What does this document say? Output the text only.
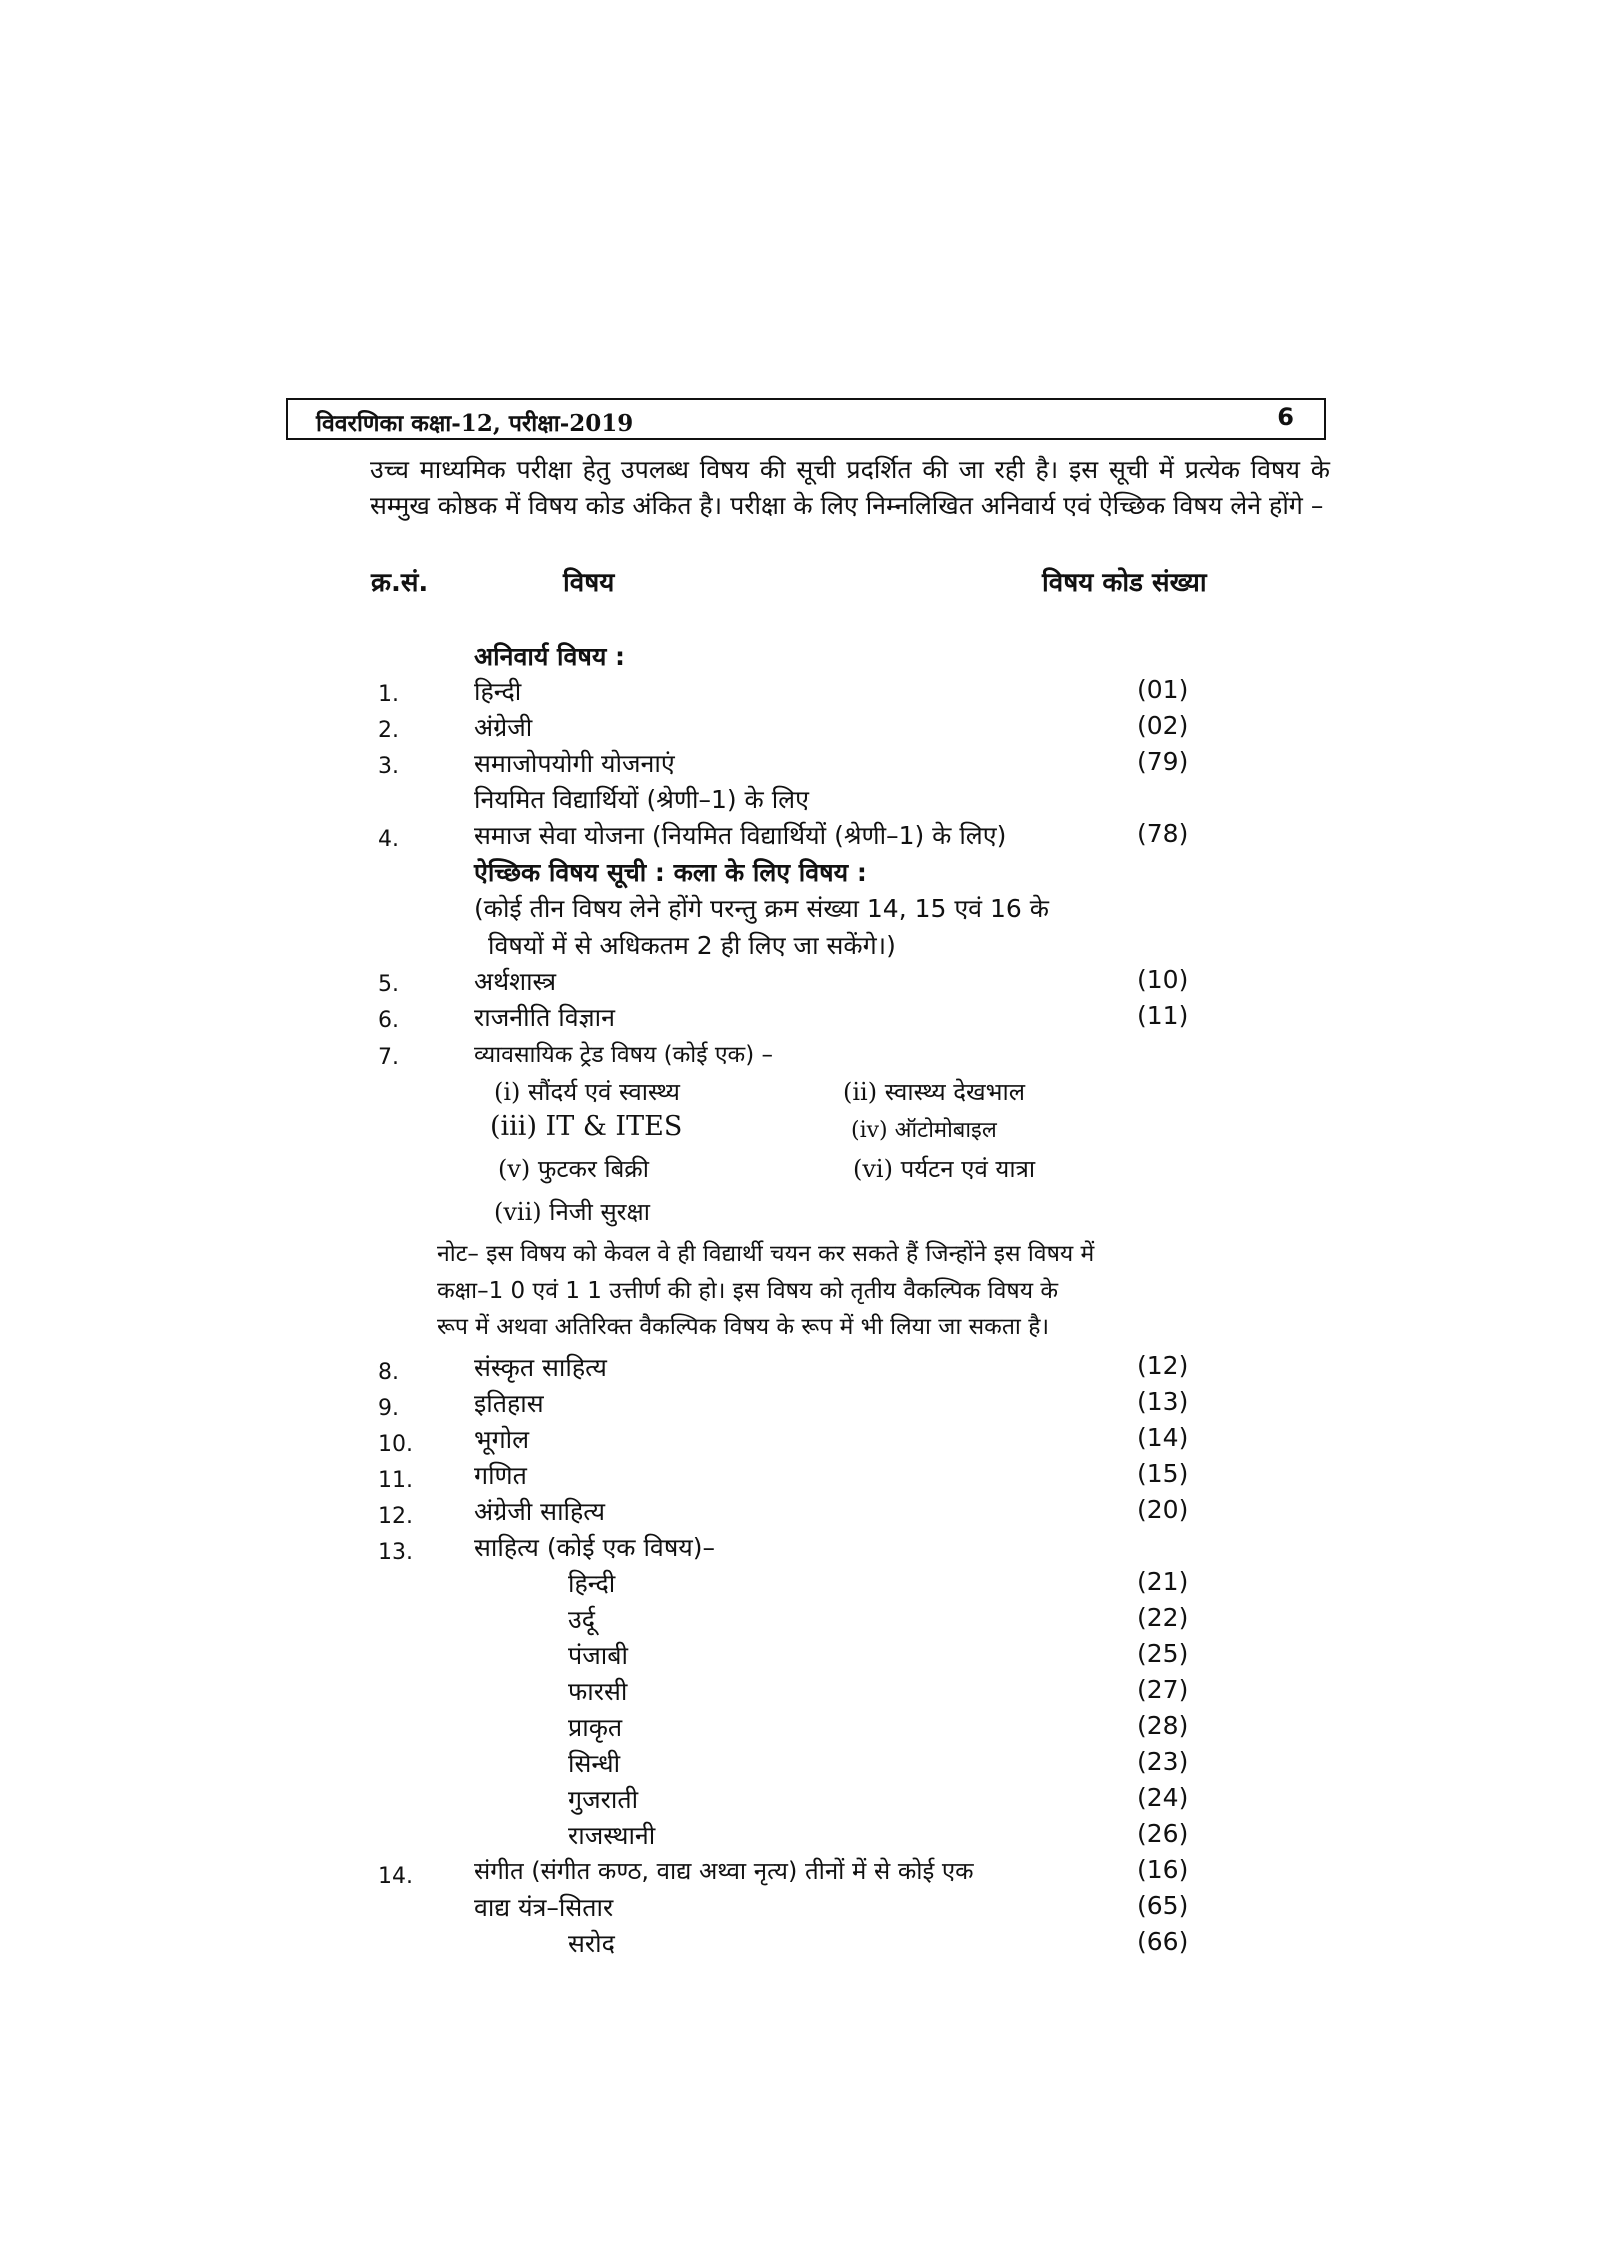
विवरणिका कक्षा-12, परीक्षा-2019	6
उच्च माध्यमिक परीक्षा हेतु उपलब्ध विषय की सूची प्रदर्शित की जा रही है। इस सूची में प्रत्येक विषय के सम्मुख कोष्ठक में विषय कोड अंकित है। परीक्षा के लिए निम्नलिखित अनिवार्य एवं ऐच्छिक विषय लेने होंगे –
क्र.सं.	विषय	विषय कोड संख्या
अनिवार्य विषय :
1.	हिन्दी	(01)
2.	अंग्रेजी	(02)
3.	समाजोपयोगी योजनाएं	(79)
नियमित विद्यार्थियों (श्रेणी–1) के लिए
4.	समाज सेवा योजना (नियमित विद्यार्थियों (श्रेणी–1) के लिए)	(78)
ऐच्छिक विषय सूची : कला के लिए विषय :
(कोई तीन विषय लेने होंगे परन्तु क्रम संख्या 14, 15 एवं 16 के
विषयों में से अधिकतम 2 ही लिए जा सकेंगे।)
5.	अर्थशास्त्र	(10)
6.	राजनीति विज्ञान	(11)
7.	व्यावसायिक ट्रेड विषय (कोई एक) –
(i) सौंदर्य एवं स्वास्थ्य	(ii) स्वास्थ्य देखभाल
(iii) IT & ITES	(iv) ऑटोमोबाइल
(v) फुटकर बिक्री	(vi) पर्यटन एवं यात्रा
(vii) निजी सुरक्षा
नोट– इस विषय को केवल वे ही विद्यार्थी चयन कर सकते हैं जिन्होंने इस विषय में
कक्षा–1 0 एवं 1 1 उत्तीर्ण की हो। इस विषय को तृतीय वैकल्पिक विषय के
रूप में अथवा अतिरिक्त वैकल्पिक विषय के रूप में भी लिया जा सकता है।
8.	संस्कृत साहित्य	(12)
9.	इतिहास	(13)
10. भूगोल	(14)
11. गणित	(15)
12. अंग्रेजी साहित्य	(20)
13. साहित्य (कोई एक विषय)–
हिन्दी	(21)
उर्दू	(22)
पंजाबी	(25)
फारसी	(27)
प्राकृत	(28)
सिन्धी	(23)
गुजराती	(24)
राजस्थानी	(26)
14.	संगीत (संगीत कण्ठ, वाद्य अथ्वा नृत्य) तीनों में से कोई एक	(16)
वाद्य यंत्र–सितार	(65)
सरोद	(66)
